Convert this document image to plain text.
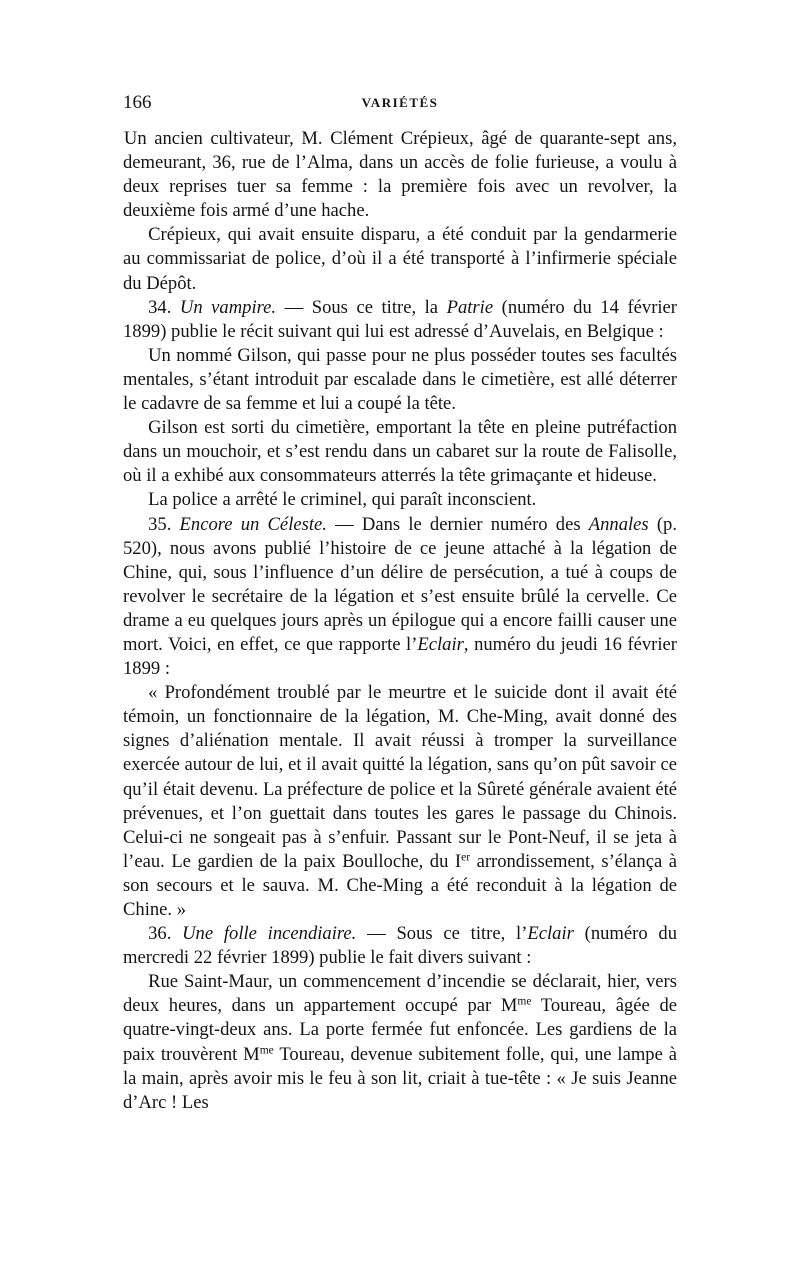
166	VARIÉTÉS

Un ancien cultivateur, M. Clément Crépieux, âgé de quarante-sept ans, demeurant, 36, rue de l’Alma, dans un accès de folie furieuse, a voulu à deux reprises tuer sa femme : la première fois avec un revolver, la deuxième fois armé d’une hache.

Crépieux, qui avait ensuite disparu, a été conduit par la gendarmerie au commissariat de police, d’où il a été transporté à l’infirmerie spéciale du Dépôt.

34. Un vampire. — Sous ce titre, la Patrie (numéro du 14 février 1899) publie le récit suivant qui lui est adressé d’Auvelais, en Belgique :

Un nommé Gilson, qui passe pour ne plus posséder toutes ses facultés mentales, s’étant introduit par escalade dans le cimetière, est allé déterrer le cadavre de sa femme et lui a coupé la tête.

Gilson est sorti du cimetière, emportant la tête en pleine putréfaction dans un mouchoir, et s’est rendu dans un cabaret sur la route de Falisolle, où il a exhibé aux consommateurs atterrés la tête grimaçante et hideuse.

La police a arrêté le criminel, qui paraît inconscient.

35. Encore un Céleste. — Dans le dernier numéro des Annales (p. 520), nous avons publié l’histoire de ce jeune attaché à la légation de Chine, qui, sous l’influence d’un délire de persécution, a tué à coups de revolver le secrétaire de la légation et s’est ensuite brûlé la cervelle. Ce drame a eu quelques jours après un épilogue qui a encore failli causer une mort. Voici, en effet, ce que rapporte l’Eclair, numéro du jeudi 16 février 1899 :

« Profondément troublé par le meurtre et le suicide dont il avait été témoin, un fonctionnaire de la légation, M. Che-Ming, avait donné des signes d’aliénation mentale. Il avait réussi à tromper la surveillance exercée autour de lui, et il avait quitté la légation, sans qu’on pût savoir ce qu’il était devenu. La préfecture de police et la Sûreté générale avaient été prévenues, et l’on guettait dans toutes les gares le passage du Chinois. Celui-ci ne songeait pas à s’enfuir. Passant sur le Pont-Neuf, il se jeta à l’eau. Le gardien de la paix Boulloche, du Ier arrondissement, s’élança à son secours et le sauva. M. Che-Ming a été reconduit à la légation de Chine. »

36. Une folle incendiaire. — Sous ce titre, l’Eclair (numéro du mercredi 22 février 1899) publie le fait divers suivant :

Rue Saint-Maur, un commencement d’incendie se déclarait, hier, vers deux heures, dans un appartement occupé par $M^{me}$ Toureau, âgée de quatre-vingt-deux ans. La porte fermée fut enfoncée. Les gardiens de la paix trouvèrent $M^{me}$ Toureau, devenue subitement folle, qui, une lampe à la main, après avoir mis le feu à son lit, criait à tue-tête : « Je suis Jeanne d’Arc ! Les
